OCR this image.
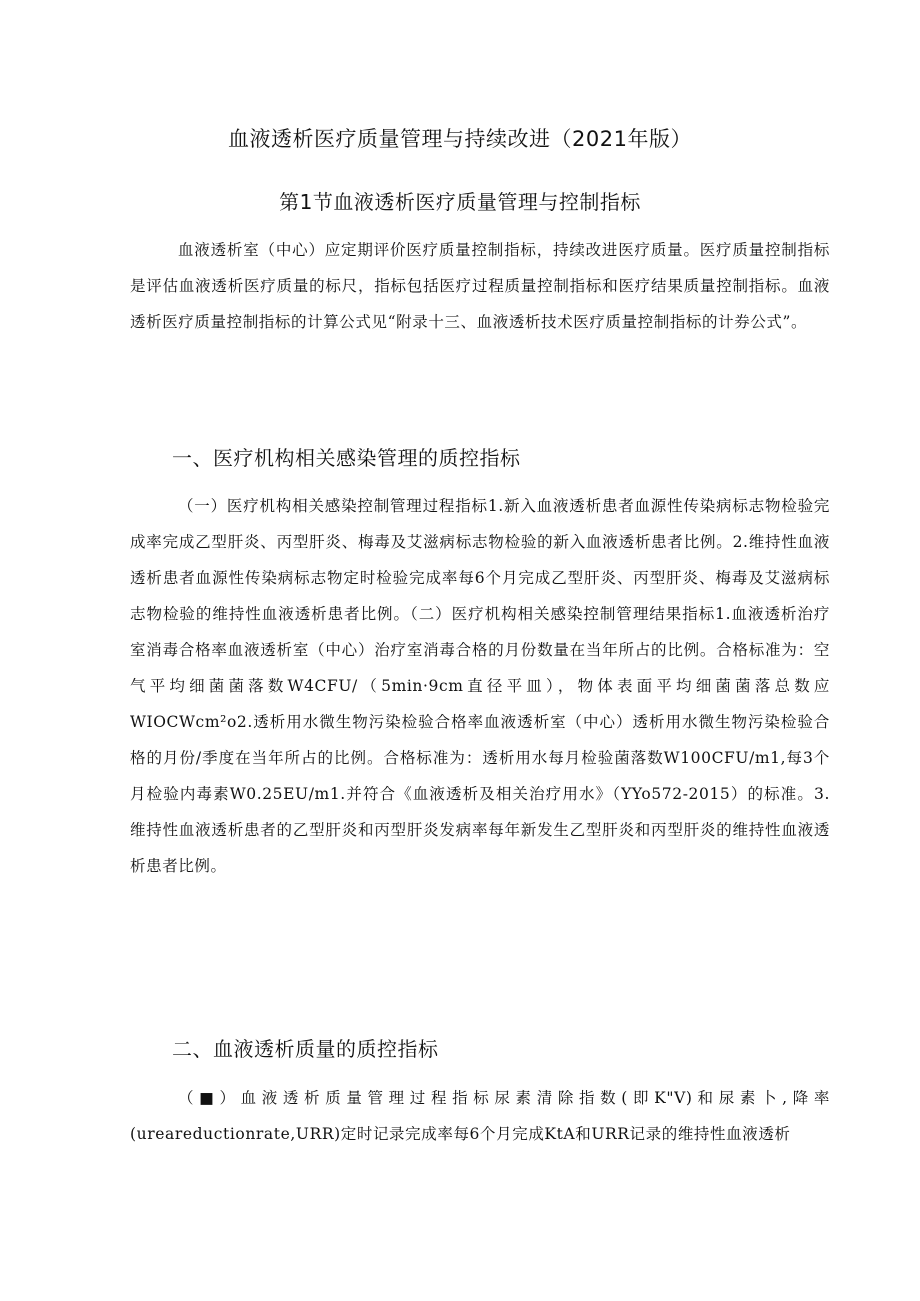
血液透析医疗质量管理与持续改进（2021年版）
第1节血液透析医疗质量管理与控制指标

血液透析室（中心）应定期评价医疗质量控制指标，持续改进医疗质量。医疗质量控制指标是评估血液透析医疗质量的标尺，指标包括医疗过程质量控制指标和医疗结果质量控制指标。血液透析医疗质量控制指标的计算公式见“附录十三、血液透析技术医疗质量控制指标的计券公式”。

一、医疗机构相关感染管理的质控指标

（一）医疗机构相关感染控制管理过程指标1.新入血液透析患者血源性传染病标志物检验完成率完成乙型肝炎、丙型肝炎、梅毒及艾滋病标志物检验的新入血液透析患者比例。2.维持性血液透析患者血源性传染病标志物定时检验完成率每6个月完成乙型肝炎、丙型肝炎、梅毒及艾滋病标志物检验的维持性血液透析患者比例。（二）医疗机构相关感染控制管理结果指标1.血液透析治疗室消毒合格率血液透析室（中心）治疗室消毒合格的月份数量在当年所占的比例。合格标准为：空气平均细菌菌落数W4CFU/（5min·9cm直径平皿），物体表面平均细菌菌落总数应WIOCWcm²o2.透析用水微生物污染检验合格率血液透析室（中心）透析用水微生物污染检验合格的月份/季度在当年所占的比例。合格标准为：透析用水每月检验菌落数W100CFU/m1,每3个月检验内毒素W0.25EU/m1.并符合《血液透析及相关治疗用水》（YYo572-2015）的标准。3.维持性血液透析患者的乙型肝炎和丙型肝炎发病率每年新发生乙型肝炎和丙型肝炎的维持性血液透析患者比例。

二、血液透析质量的质控指标

（■）血液透析质量管理过程指标尿素清除指数(即K"V)和尿素卜,降率(ureareductionrate,URR)定时记录完成率每6个月完成KtA和URR记录的维持性血液透析
